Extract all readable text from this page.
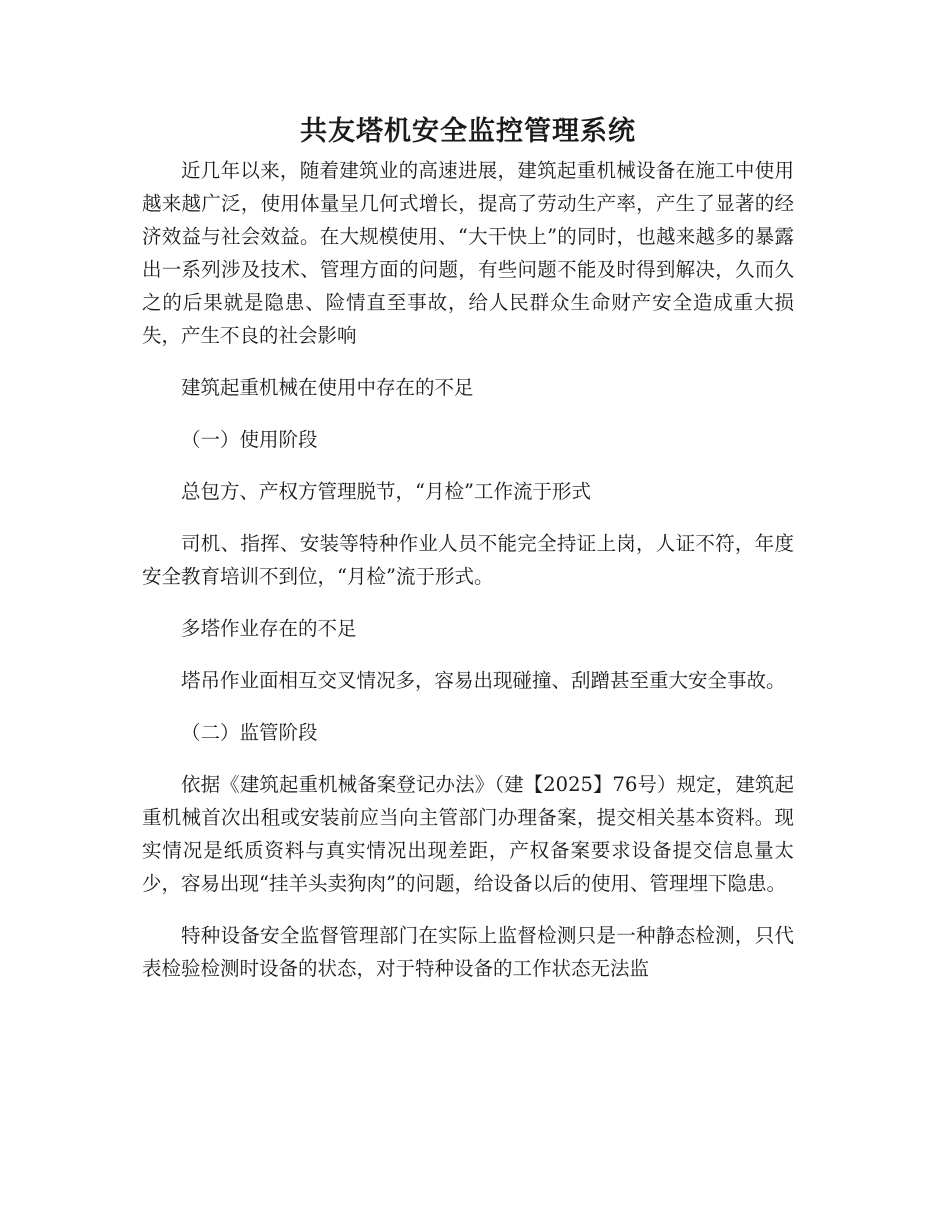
共友塔机安全监控管理系统

近几年以来，随着建筑业的高速进展，建筑起重机械设备在施工中使用越来越广泛，使用体量呈几何式增长，提高了劳动生产率，产生了显著的经济效益与社会效益。在大规模使用、“大干快上”的同时，也越来越多的暴露出一系列涉及技术、管理方面的问题，有些问题不能及时得到解决，久而久之的后果就是隐患、险情直至事故，给人民群众生命财产安全造成重大损失，产生不良的社会影响

建筑起重机械在使用中存在的不足

（一）使用阶段

总包方、产权方管理脱节，“月检”工作流于形式

司机、指挥、安装等特种作业人员不能完全持证上岗，人证不符，年度安全教育培训不到位，“月检”流于形式。

多塔作业存在的不足

塔吊作业面相互交叉情况多，容易出现碰撞、刮蹭甚至重大安全事故。

（二）监管阶段

依据《建筑起重机械备案登记办法》（建【2025】76号）规定，建筑起重机械首次出租或安装前应当向主管部门办理备案，提交相关基本资料。现实情况是纸质资料与真实情况出现差距，产权备案要求设备提交信息量太少，容易出现“挂羊头卖狗肉”的问题，给设备以后的使用、管理埋下隐患。

特种设备安全监督管理部门在实际上监督检测只是一种静态检测，只代表检验检测时设备的状态，对于特种设备的工作状态无法监
